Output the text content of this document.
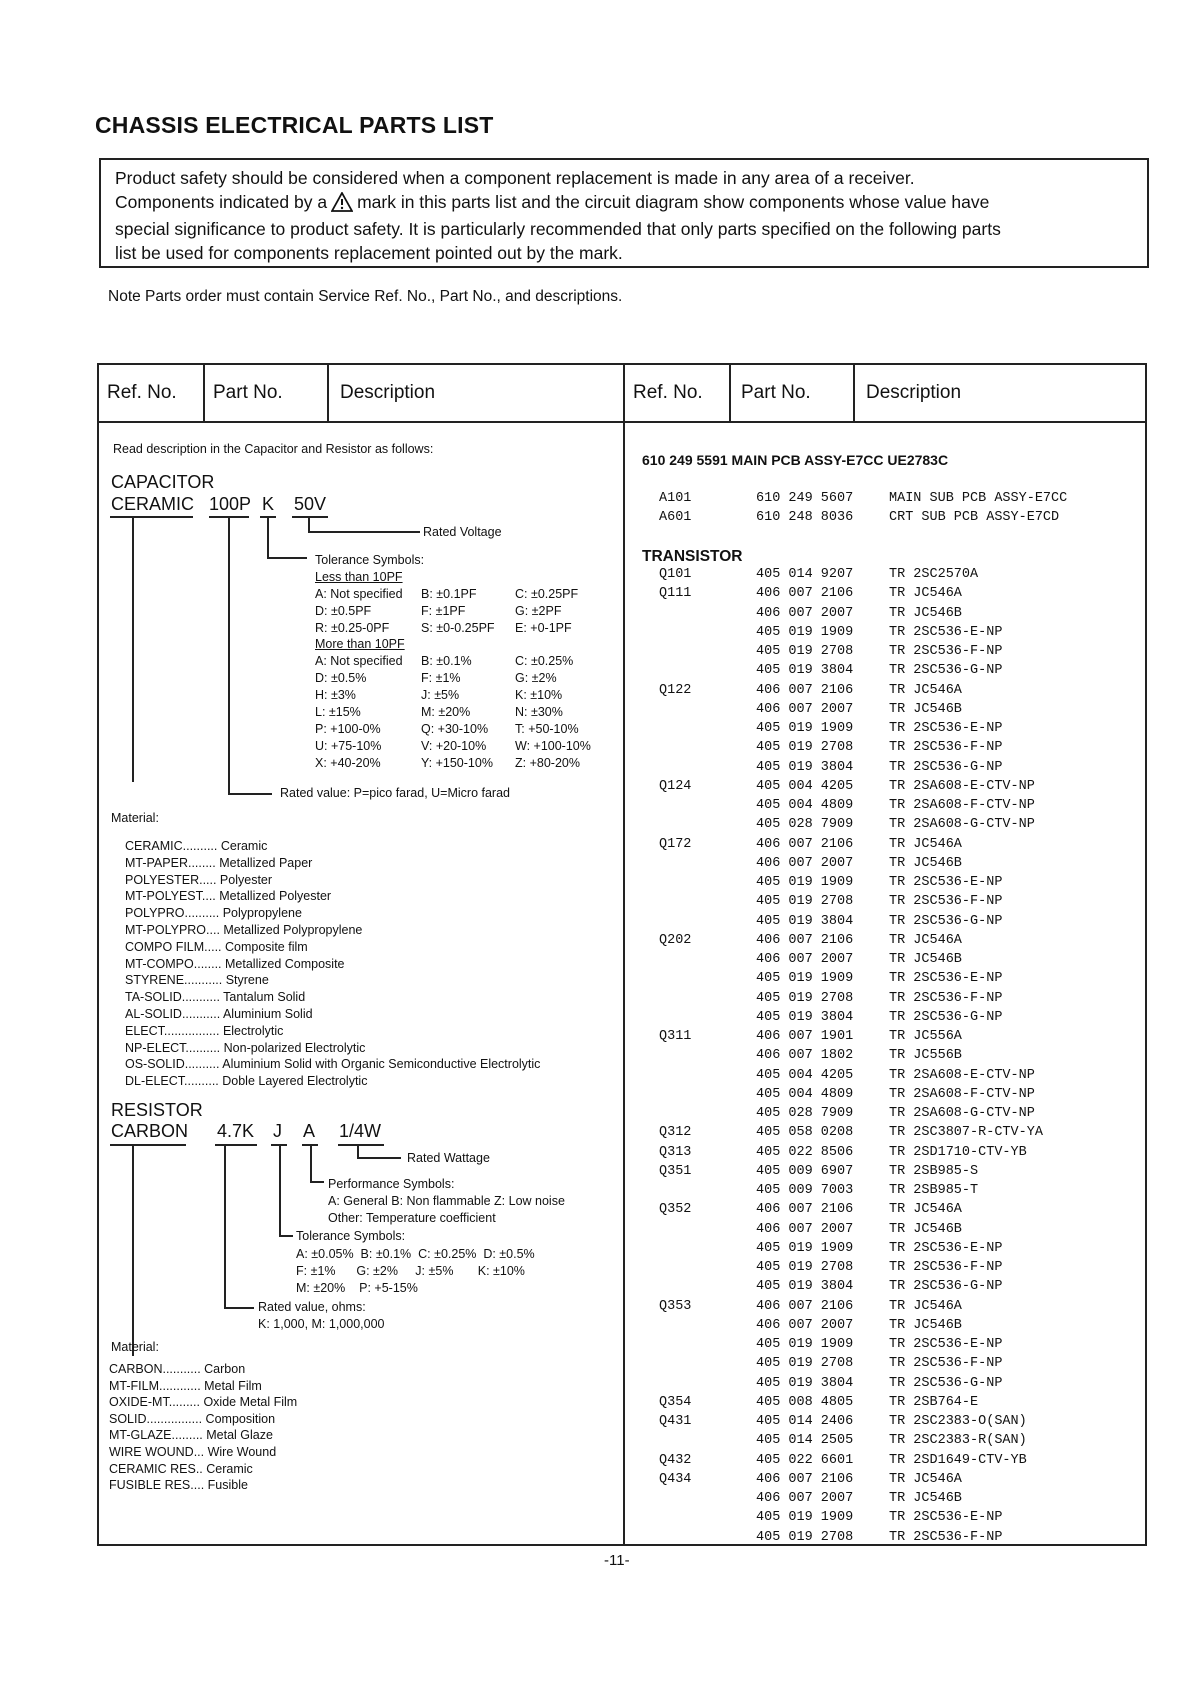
CHASSIS ELECTRICAL PARTS LIST
Product safety should be considered when a component replacement is made in any area of a receiver.
Components indicated by a mark in this parts list and the circuit diagram show components whose value have
special significance to product safety. It is particularly recommended that only parts specified on the following parts
list be used for components replacement pointed out by the mark.
Note Parts order must contain Service Ref. No., Part No., and descriptions.
Ref. No. Part No.	Description	Ref. No. Part No.	Description
Read description in the Capacitor and Resistor as follows:
CAPACITOR
CERAMIC 100P K 50V
Rated Voltage
Tolerance Symbols:
Less than 10PF
A: Not specified B: ±0.1PF	C: ±0.25PF
D: ±0.5PF	F: ±1PF	G: ±2PF
R: ±0.25-0PF	S: ±0-0.25PF E: +0-1PF
More than 10PF
A: Not specified B: ±0.1%	C: ±0.25%
D: ±0.5%	F: ±1%	G: ±2%
H: ±3%	J: ±5%	K: ±10%
L: ±15%	M: ±20%	N: ±30%
P: +100-0%	Q: +30-10% T: +50-10%
U: +75-10%	V: +20-10% W: +100-10%
X: +40-20%	Y: +150-10% Z: +80-20%
Rated value: P=pico farad, U=Micro farad
Material:
CERAMIC.......... Ceramic
MT-PAPER........ Metallized Paper
POLYESTER..... Polyester
MT-POLYEST.... Metallized Polyester
POLYPRO.......... Polypropylene
MT-POLYPRO.... Metallized Polypropylene
COMPO FILM..... Composite film
MT-COMPO........ Metallized Composite
STYRENE........... Styrene
TA-SOLID........... Tantalum Solid
AL-SOLID........... Aluminium Solid
ELECT................ Electrolytic
NP-ELECT.......... Non-polarized Electrolytic
OS-SOLID.......... Aluminium Solid with Organic Semiconductive Electrolytic
DL-ELECT.......... Doble Layered Electrolytic
RESISTOR
CARBON 4.7K J A 1/4W
Rated Wattage
Performance Symbols:
A: General B: Non flammable Z: Low noise
Other: Temperature coefficient
Tolerance Symbols:
A: ±0.05%  B: ±0.1%  C: ±0.25%  D: ±0.5%
F: ±1%      G: ±2%     J: ±5%       K: ±10%
M: ±20%    P: +5-15%
Rated value, ohms:
K: 1,000, M: 1,000,000
Material:
CARBON........... Carbon
MT-FILM............ Metal Film
OXIDE-MT......... Oxide Metal Film
SOLID................ Composition
MT-GLAZE......... Metal Glaze
WIRE WOUND... Wire Wound
CERAMIC RES.. Ceramic
FUSIBLE RES.... Fusible
610 249 5591 MAIN PCB ASSY-E7CC UE2783C
A101	610 249 5607	MAIN SUB PCB ASSY-E7CC
A601	610 248 8036	CRT SUB PCB ASSY-E7CD
TRANSISTOR
Q101	405 014 9207	TR 2SC2570A
Q111	406 007 2106	TR JC546A
406 007 2007	TR JC546B
405 019 1909	TR 2SC536-E-NP
405 019 2708	TR 2SC536-F-NP
405 019 3804	TR 2SC536-G-NP
Q122	406 007 2106	TR JC546A
406 007 2007	TR JC546B
405 019 1909	TR 2SC536-E-NP
405 019 2708	TR 2SC536-F-NP
405 019 3804	TR 2SC536-G-NP
Q124	405 004 4205	TR 2SA608-E-CTV-NP
405 004 4809	TR 2SA608-F-CTV-NP
405 028 7909	TR 2SA608-G-CTV-NP
Q172	406 007 2106	TR JC546A
406 007 2007	TR JC546B
405 019 1909	TR 2SC536-E-NP
405 019 2708	TR 2SC536-F-NP
405 019 3804	TR 2SC536-G-NP
Q202	406 007 2106	TR JC546A
406 007 2007	TR JC546B
405 019 1909	TR 2SC536-E-NP
405 019 2708	TR 2SC536-F-NP
405 019 3804	TR 2SC536-G-NP
Q311	406 007 1901	TR JC556A
406 007 1802	TR JC556B
405 004 4205	TR 2SA608-E-CTV-NP
405 004 4809	TR 2SA608-F-CTV-NP
405 028 7909	TR 2SA608-G-CTV-NP
Q312	405 058 0208	TR 2SC3807-R-CTV-YA
Q313	405 022 8506	TR 2SD1710-CTV-YB
Q351	405 009 6907	TR 2SB985-S
405 009 7003	TR 2SB985-T
Q352	406 007 2106	TR JC546A
406 007 2007	TR JC546B
405 019 1909	TR 2SC536-E-NP
405 019 2708	TR 2SC536-F-NP
405 019 3804	TR 2SC536-G-NP
Q353	406 007 2106	TR JC546A
406 007 2007	TR JC546B
405 019 1909	TR 2SC536-E-NP
405 019 2708	TR 2SC536-F-NP
405 019 3804	TR 2SC536-G-NP
Q354	405 008 4805	TR 2SB764-E
Q431	405 014 2406	TR 2SC2383-O(SAN)
405 014 2505	TR 2SC2383-R(SAN)
Q432	405 022 6601	TR 2SD1649-CTV-YB
Q434	406 007 2106	TR JC546A
406 007 2007	TR JC546B
405 019 1909	TR 2SC536-E-NP
405 019 2708	TR 2SC536-F-NP
-11-
